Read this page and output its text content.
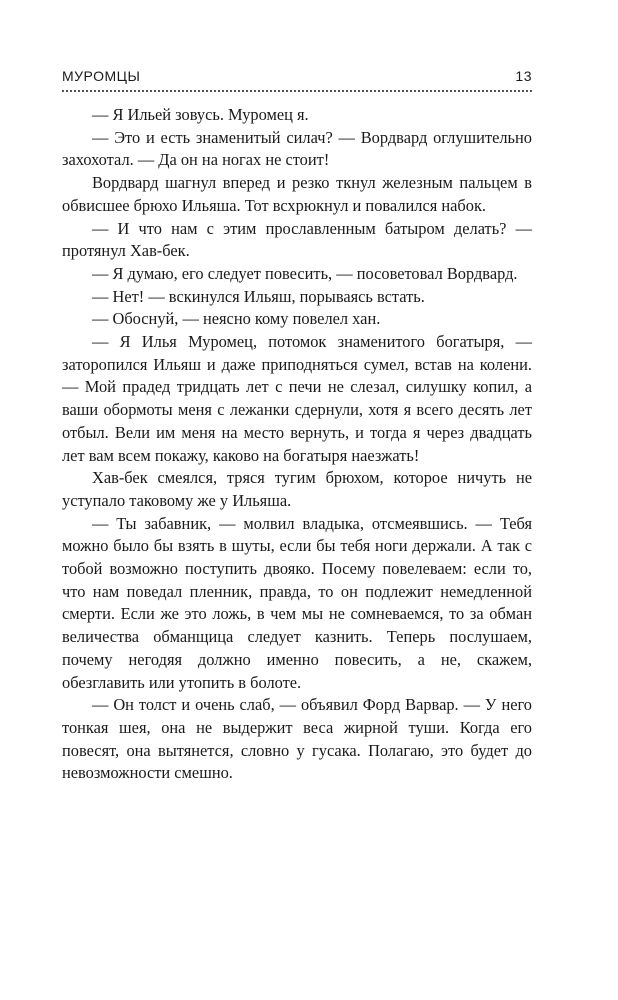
МУРОМЦЫ	13

— Я Ильей зовусь. Муромец я.

— Это и есть знаменитый силач? — Вордвард оглушительно захохотал. — Да он на ногах не стоит!

Вордвард шагнул вперед и резко ткнул железным пальцем в обвисшее брюхо Ильяша. Тот всхрюкнул и повалился набок.

— И что нам с этим прославленным батыром делать? — протянул Хав-бек.

— Я думаю, его следует повесить, — посоветовал Вордвард.

— Нет! — вскинулся Ильяш, порываясь встать.

— Обоснуй, — неясно кому повелел хан.

— Я Илья Муромец, потомок знаменитого богатыря, — заторопился Ильяш и даже приподняться сумел, встав на колени. — Мой прадед тридцать лет с печи не слезал, силушку копил, а ваши обормоты меня с лежанки сдернули, хотя я всего десять лет отбыл. Вели им меня на место вернуть, и тогда я через двадцать лет вам всем покажу, каково на богатыря наезжать!

Хав-бек смеялся, тряся тугим брюхом, которое ничуть не уступало таковому же у Ильяша.

— Ты забавник, — молвил владыка, отсмеявшись. — Тебя можно было бы взять в шуты, если бы тебя ноги держали. А так с тобой возможно поступить двояко. Посему повелеваем: если то, что нам поведал пленник, правда, то он подлежит немедленной смерти. Если же это ложь, в чем мы не сомневаемся, то за обман величества обманщица следует казнить. Теперь послушаем, почему негодяя должно именно повесить, а не, скажем, обезглавить или утопить в болоте.

— Он толст и очень слаб, — объявил Форд Варвар. — У него тонкая шея, она не выдержит веса жирной туши. Когда его повесят, она вытянется, словно у гусака. Полагаю, это будет до невозможности смешно.
